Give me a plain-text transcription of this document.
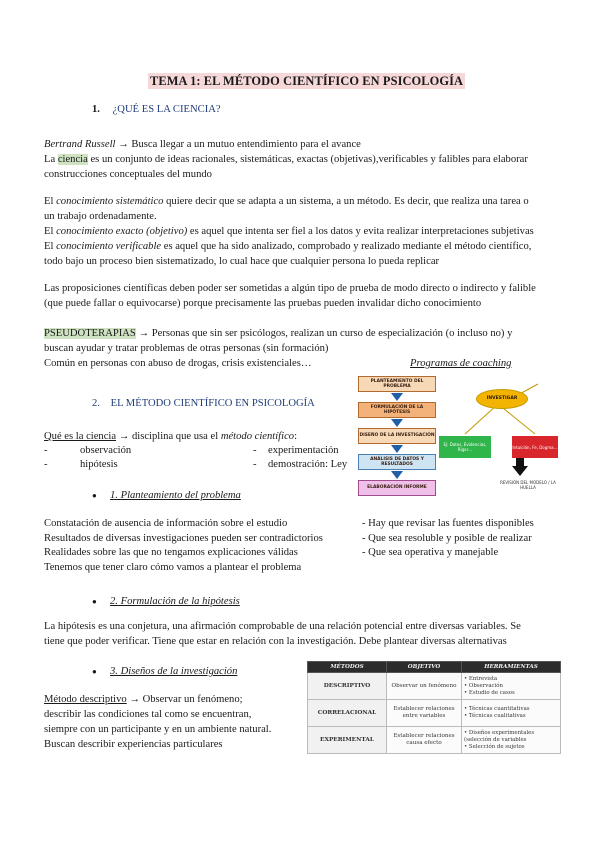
TEMA 1: EL MÉTODO CIENTÍFICO EN PSICOLOGÍA
1. ¿QUÉ ES LA CIENCIA?
Bertrand Russell → Busca llegar a un mutuo entendimiento para el avance
La ciencia es un conjunto de ideas racionales, sistemáticas, exactas (objetivas),verificables y falibles para elaborar
construcciones conceptuales del mundo
El conocimiento sistemático quiere decir que se adapta a un sistema, a un método. Es decir, que realiza una tarea o
un trabajo ordenadamente.
El conocimiento exacto (objetivo) es aquel que intenta ser fiel a los datos y evita realizar interpretaciones subjetivas
El conocimiento verificable es aquel que ha sido analizado, comprobado y realizado mediante el método científico,
todo bajo un proceso bien sistematizado, lo cual hace que cualquier persona lo pueda replicar
Las proposiciones científicas deben poder ser sometidas a algún tipo de prueba de modo directo o indirecto y falible
(que puede fallar o equivocarse) porque precisamente las pruebas pueden invalidar dicho conocimiento
PSEUDOTERAPIAS → Personas que sin ser psicólogos, realizan un curso de especialización (o incluso no) y
buscan ayudar y tratar problemas de otras personas (sin formación)
Común en personas con abuso de drogas, crisis existenciales…	Programas de coaching
2. EL MÉTODO CIENTÍFICO EN PSICOLOGÍA
Qué es la ciencia → disciplina que usa el método científico:
-	observación
-	hipótesis
- experimentación
- demostración: Ley
PLANTEAMIENTO DEL PROBLEMA
FORMULACIÓN DE LA HIPÓTESIS
DISEÑO DE LA INVESTIGACIÓN
ANÁLISIS DE DATOS Y RESULTADOS
ELABORACIÓN INFORME
INVESTIGAR
Ej: Datos, Evidencias, Rigor…	Intuición, Fe, Dogma…
REVISIÓN DEL MODELO / LA HUELLA
● 1. Planteamiento del problema
Constatación de ausencia de información sobre el estudio
Resultados de diversas investigaciones pueden ser contradictorios
Realidades sobre las que no tengamos explicaciones válidas
Tenemos que tener claro cómo vamos a plantear el problema
- Hay que revisar las fuentes disponibles
- Que sea resoluble y posible de realizar
- Que sea operativa y manejable
● 2. Formulación de la hipótesis
La hipótesis es una conjetura, una afirmación comprobable de una relación potencial entre diversas variables. Se
tiene que poder verificar. Tiene que estar en relación con la investigación. Debe plantear diversas alternativas
● 3. Diseños de la investigación
Método descriptivo → Observar un fenómeno;
describir las condiciones tal como se encuentran,
siempre con un participante y en un ambiente natural.
Buscan describir experiencias particulares
MÉTODOS	OBJETIVO	HERRAMIENTAS
DESCRIPTIVO	Observar un fenómeno	• Entrevista
• Observación
• Estudio de casos

CORRELACIONAL	Establecer relaciones entre variables	• Técnicas cuantitativas
• Técnicas cualitativas

EXPERIMENTAL	Establecer relaciones causa efecto	• Diseños experimentales
(selección de variables
• Selección de sujetos
